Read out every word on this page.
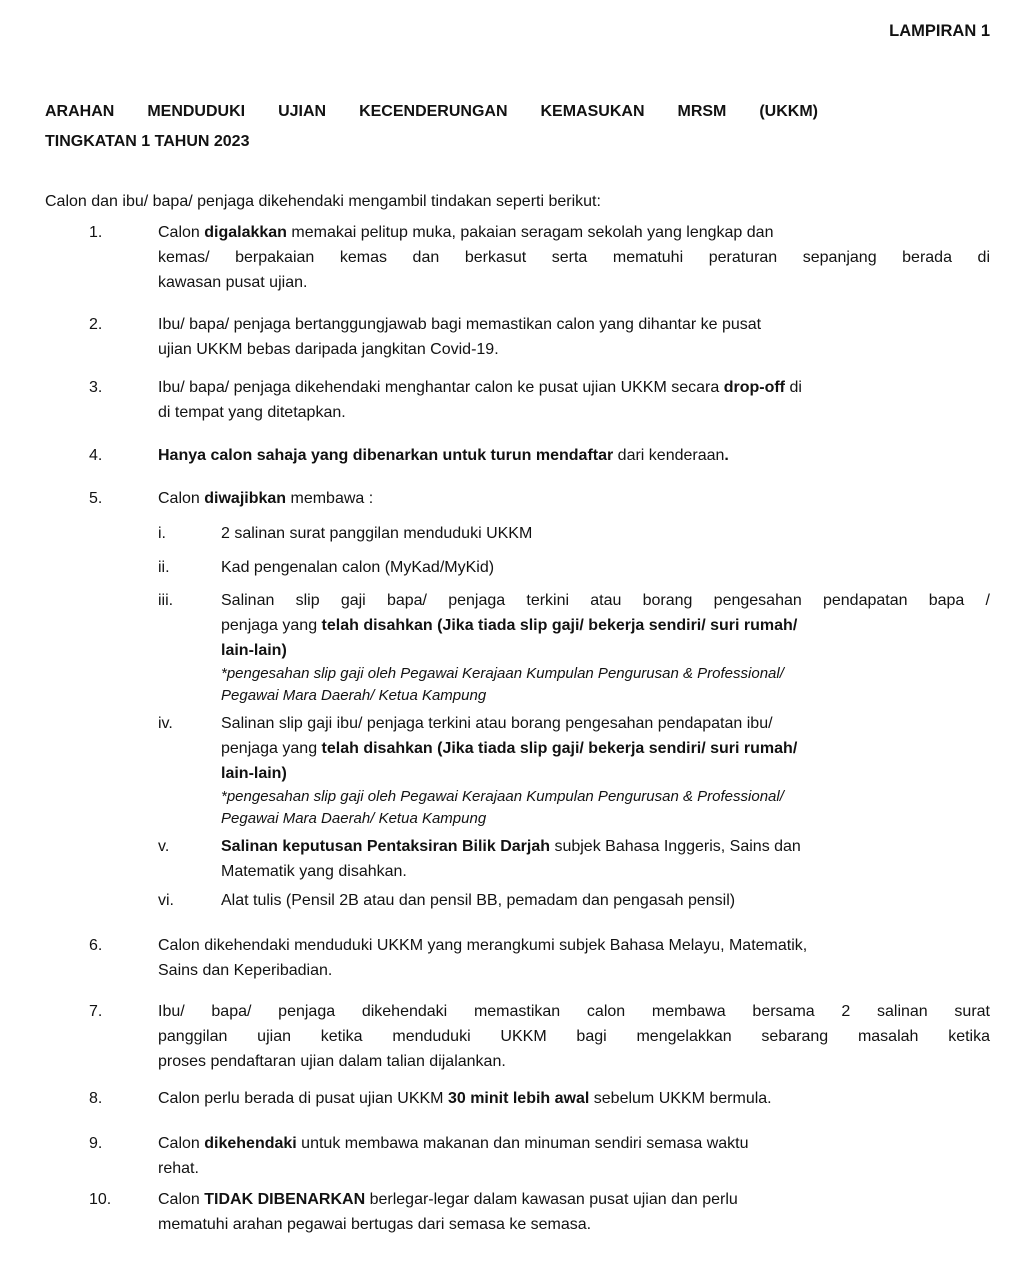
LAMPIRAN 1
ARAHAN MENDUDUKI UJIAN KECENDERUNGAN KEMASUKAN MRSM (UKKM)
TINGKATAN 1 TAHUN 2023
Calon dan ibu/ bapa/ penjaga dikehendaki mengambil tindakan seperti berikut:
1.	Calon digalakkan memakai pelitup muka, pakaian seragam sekolah yang lengkap dan
kemas/ berpakaian kemas dan berkasut serta mematuhi peraturan sepanjang berada di
kawasan pusat ujian.
2.	Ibu/ bapa/ penjaga bertanggungjawab bagi memastikan calon yang dihantar ke pusat
ujian UKKM bebas daripada jangkitan Covid-19.
3.	Ibu/ bapa/ penjaga dikehendaki menghantar calon ke pusat ujian UKKM secara drop-off di
di tempat yang ditetapkan.
4.	Hanya calon sahaja yang dibenarkan untuk turun mendaftar dari kenderaan.
5.	Calon diwajibkan membawa :
i.	2 salinan surat panggilan menduduki UKKM
ii.	Kad pengenalan calon (MyKad/MyKid)
iii.	Salinan slip gaji bapa/ penjaga terkini atau borang pengesahan pendapatan bapa /
penjaga yang telah disahkan (Jika tiada slip gaji/ bekerja sendiri/ suri rumah/
lain-lain)
*pengesahan slip gaji oleh Pegawai Kerajaan Kumpulan Pengurusan & Professional/
Pegawai Mara Daerah/ Ketua Kampung
iv.	Salinan slip gaji ibu/ penjaga terkini atau borang pengesahan pendapatan ibu/
penjaga yang telah disahkan (Jika tiada slip gaji/ bekerja sendiri/ suri rumah/
lain-lain)
*pengesahan slip gaji oleh Pegawai Kerajaan Kumpulan Pengurusan & Professional/
Pegawai Mara Daerah/ Ketua Kampung
v.	Salinan keputusan Pentaksiran Bilik Darjah subjek Bahasa Inggeris, Sains dan
Matematik yang disahkan.
vi.	Alat tulis (Pensil 2B atau dan pensil BB, pemadam dan pengasah pensil)
6.	Calon dikehendaki menduduki UKKM yang merangkumi subjek Bahasa Melayu, Matematik,
Sains dan Keperibadian.
7.	Ibu/ bapa/ penjaga dikehendaki memastikan calon membawa bersama 2 salinan surat
panggilan ujian ketika menduduki UKKM bagi mengelakkan sebarang masalah ketika
proses pendaftaran ujian dalam talian dijalankan.
8.	Calon perlu berada di pusat ujian UKKM 30 minit lebih awal sebelum UKKM bermula.
9.	Calon dikehendaki untuk membawa makanan dan minuman sendiri semasa waktu
rehat.
10.	Calon TIDAK DIBENARKAN berlegar-legar dalam kawasan pusat ujian dan perlu
mematuhi arahan pegawai bertugas dari semasa ke semasa.
